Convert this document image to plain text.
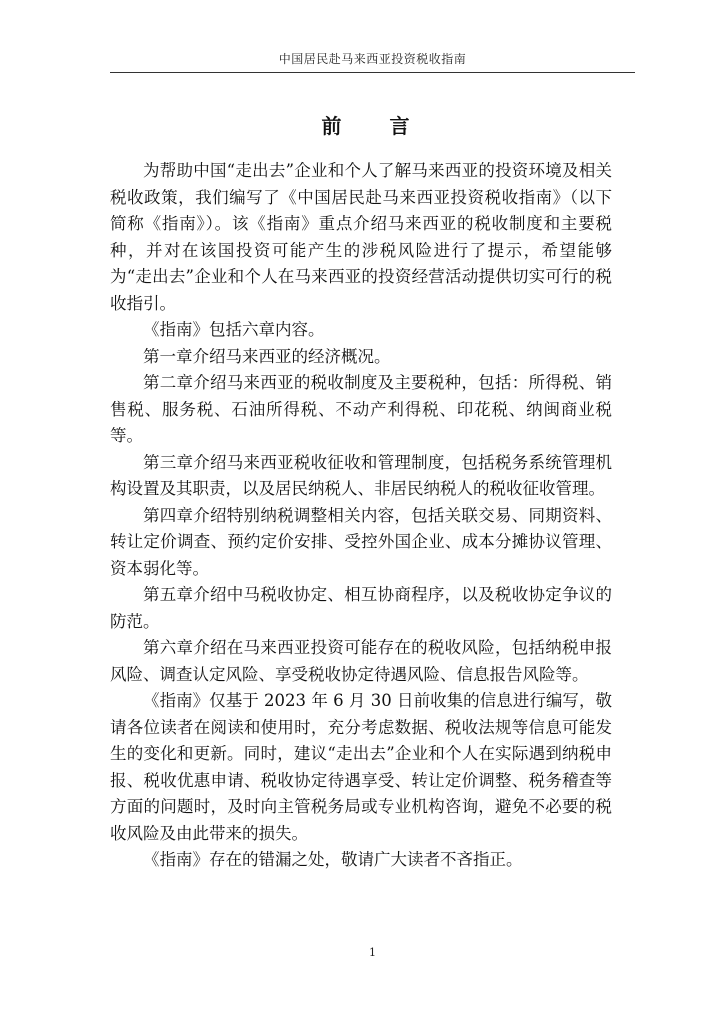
中国居民赴马来西亚投资税收指南
前　言

为帮助中国“走出去”企业和个人了解马来西亚的投资环境及相关税收政策，我们编写了《中国居民赴马来西亚投资税收指南》（以下简称《指南》）。该《指南》重点介绍马来西亚的税收制度和主要税种，并对在该国投资可能产生的涉税风险进行了提示，希望能够为“走出去”企业和个人在马来西亚的投资经营活动提供切实可行的税收指引。

《指南》包括六章内容。

第一章介绍马来西亚的经济概况。

第二章介绍马来西亚的税收制度及主要税种，包括：所得税、销售税、服务税、石油所得税、不动产利得税、印花税、纳闽商业税等。

第三章介绍马来西亚税收征收和管理制度，包括税务系统管理机构设置及其职责，以及居民纳税人、非居民纳税人的税收征收管理。

第四章介绍特别纳税调整相关内容，包括关联交易、同期资料、转让定价调查、预约定价安排、受控外国企业、成本分摊协议管理、资本弱化等。

第五章介绍中马税收协定、相互协商程序，以及税收协定争议的防范。

第六章介绍在马来西亚投资可能存在的税收风险，包括纳税申报风险、调查认定风险、享受税收协定待遇风险、信息报告风险等。

《指南》仅基于 2023 年 6 月 30 日前收集的信息进行编写，敬请各位读者在阅读和使用时，充分考虑数据、税收法规等信息可能发生的变化和更新。同时，建议“走出去”企业和个人在实际遇到纳税申报、税收优惠申请、税收协定待遇享受、转让定价调整、税务稽查等方面的问题时，及时向主管税务局或专业机构咨询，避免不必要的税收风险及由此带来的损失。

《指南》存在的错漏之处，敬请广大读者不吝指正。

1
